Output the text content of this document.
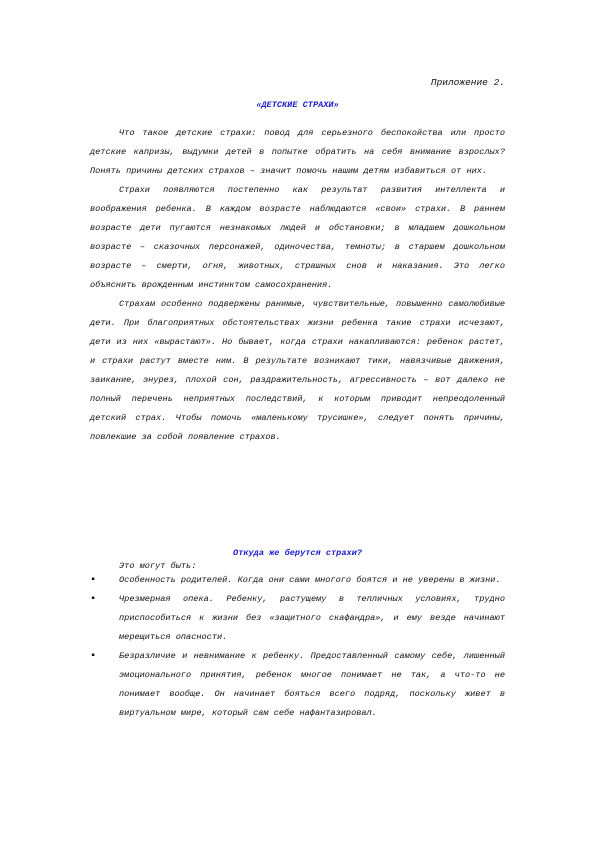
Приложение 2.
«ДЕТСКИЕ СТРАХИ»

Что такое детские страхи: повод для серьезного беспокойства или просто детские капризы, выдумки детей в попытке обратить на себя внимание взрослых? Понять причины детских страхов – значит помочь нашим детям избавиться от них.

Страхи появляются постепенно как результат развития интеллекта и воображения ребенка. В каждом возрасте наблюдаются «свои» страхи. В раннем возрасте дети пугаются незнакомых людей и обстановки; в младшем дошкольном возрасте – сказочных персонажей, одиночества, темноты; в старшем дошкольном возрасте – смерти, огня, животных, страшных снов и наказания. Это легко объяснить врожденным инстинктом самосохранения.

Страхам особенно подвержены ранимые, чувствительные, повышенно самолюбивые дети. При благоприятных обстоятельствах жизни ребенка такие страхи исчезают, дети из них «вырастают». Но бывает, когда страхи накапливаются: ребенок растет, и страхи растут вместе ним. В результате возникают тики, навязчивые движения, заикание, энурез, плохой сон, раздражительность, агрессивность – вот далеко не полный перечень неприятных последствий, к которым приводит непреодоленный детский страх. Чтобы помочь «маленькому трусишке», следует понять причины, повлекшие за собой появление страхов.

Откуда же берутся страхи?
Это могут быть:
▪	Особенность родителей. Когда они сами многого боятся и не уверены в жизни.
▪	Чрезмерная опека. Ребенку, растущему в тепличных условиях, трудно приспособиться к жизни без «защитного скафандра», и ему везде начинают мерещиться опасности.
▪	Безразличие и невнимание к ребенку. Предоставленный самому себе, лишенный эмоционального принятия, ребенок многое понимает не так, а что-то не понимает вообще. Он начинает бояться всего подряд, поскольку живет в виртуальном мире, который сам себе нафантазировал.
